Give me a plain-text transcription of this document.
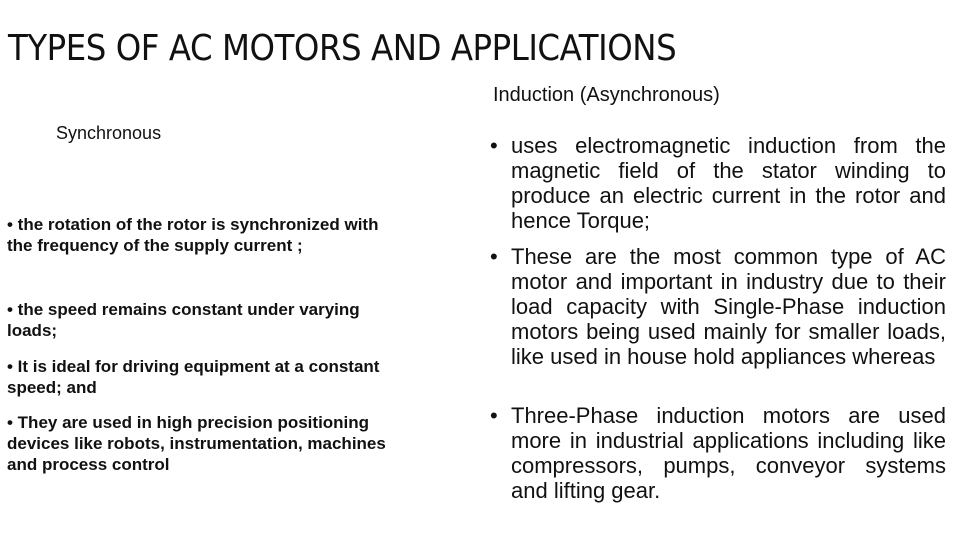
TYPES OF AC MOTORS AND APPLICATIONS
Induction (Asynchronous)
Synchronous

• the rotation of the rotor is synchronized with the frequency of the supply current ;

• the speed remains constant under varying loads;

• It is ideal for driving equipment at a constant speed; and

• They are used in high precision positioning devices like robots, instrumentation, machines and process control

• uses electromagnetic induction from the magnetic field of the stator winding to produce an electric current in the rotor and hence Torque;
• These are the most common type of AC motor and important in industry due to their load capacity with Single-Phase induction motors being used mainly for smaller loads, like used in house hold appliances whereas
• Three-Phase induction motors are used more in industrial applications including like compressors, pumps, conveyor systems and lifting gear.
